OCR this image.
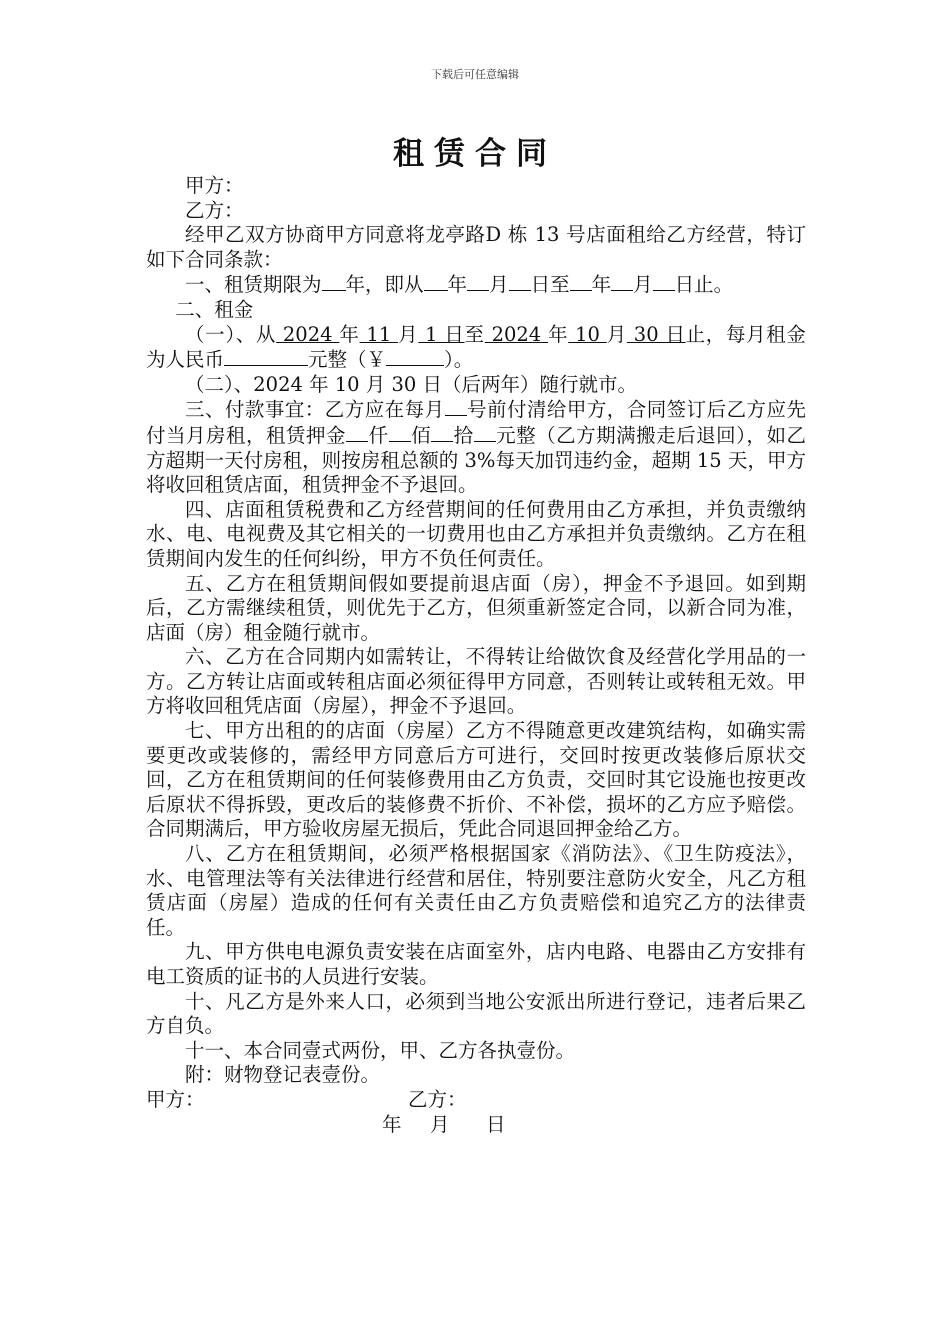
下载后可任意编辑
租赁合同

甲方：

乙方：

经甲乙双方协商甲方同意将龙亭路D 栋 13 号店面租给乙方经营，特订如下合同条款：

一、租赁期限为 年，即从 年 月 日至 年 月 日止。

二、租金

（一）、从 2024 年 11 月 1 日至 2024 年 10 月 30 日止，每月租金为人民币	元整（￥	）。

（二）、2024 年 10 月 30 日（后两年）随行就市。

三、付款事宜：乙方应在每月 号前付清给甲方，合同签订后乙方应先付当月房租，租赁押金 仟 佰 拾 元整（乙方期满搬走后退回），如乙方超期一天付房租，则按房租总额的 3%每天加罚违约金，超期 15 天，甲方将收回租赁店面，租赁押金不予退回。

四、店面租赁税费和乙方经营期间的任何费用由乙方承担，并负责缴纳水、电、电视费及其它相关的一切费用也由乙方承担并负责缴纳。乙方在租赁期间内发生的任何纠纷，甲方不负任何责任。

五、乙方在租赁期间假如要提前退店面（房），押金不予退回。如到期后，乙方需继续租赁，则优先于乙方，但须重新签定合同，以新合同为准，店面（房）租金随行就市。

六、乙方在合同期内如需转让，不得转让给做饮食及经营化学用品的一方。乙方转让店面或转租店面必须征得甲方同意，否则转让或转租无效。甲方将收回租凭店面（房屋），押金不予退回。

七、甲方出租的的店面（房屋）乙方不得随意更改建筑结构，如确实需要更改或装修的，需经甲方同意后方可进行，交回时按更改装修后原状交回，乙方在租赁期间的任何装修费用由乙方负责，交回时其它设施也按更改后原状不得拆毁，更改后的装修费不折价、不补偿，损坏的乙方应予赔偿。合同期满后，甲方验收房屋无损后，凭此合同退回押金给乙方。

八、乙方在租赁期间，必须严格根据国家《消防法》、《卫生防疫法》，水、电管理法等有关法律进行经营和居住，特别要注意防火安全，凡乙方租赁店面（房屋）造成的任何有关责任由乙方负责赔偿和追究乙方的法律责任。

九、甲方供电电源负责安装在店面室外，店内电路、电器由乙方安排有电工资质的证书的人员进行安装。

十、凡乙方是外来人口，必须到当地公安派出所进行登记，违者后果乙方自负。

十一、本合同壹式两份，甲、乙方各执壹份。

附：财物登记表壹份。

甲方：	乙方：
年 月 日
